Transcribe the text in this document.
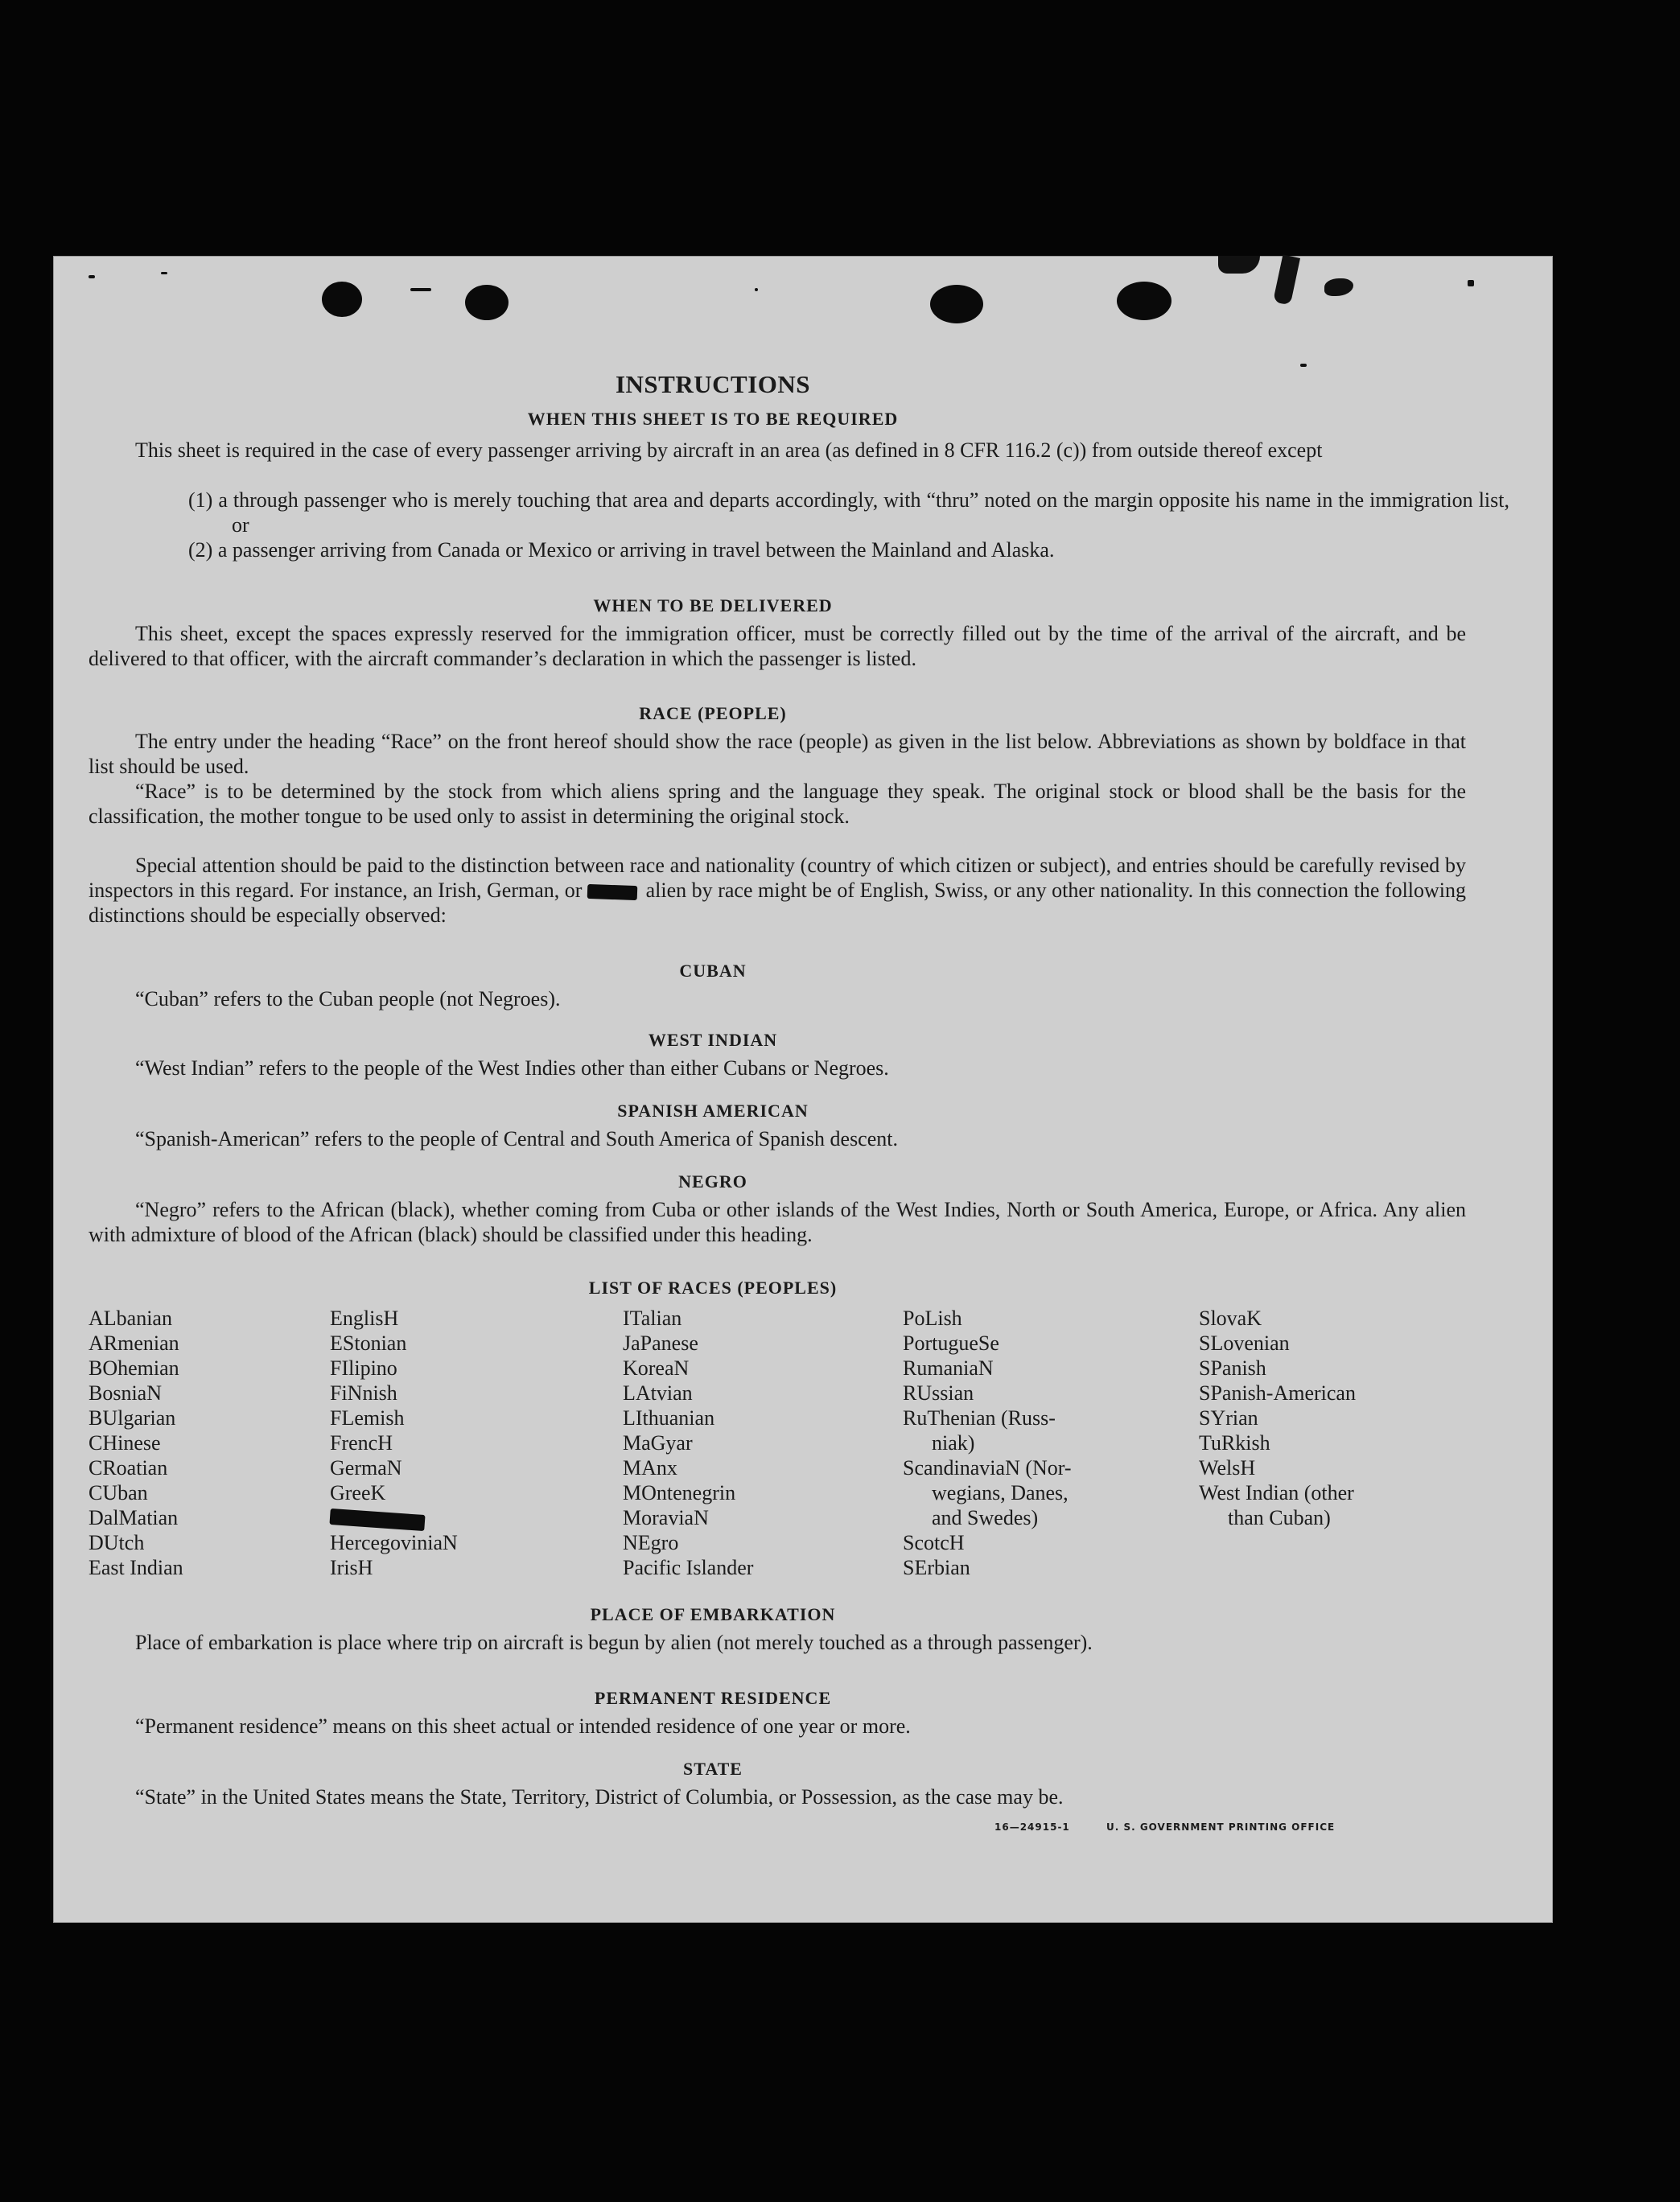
INSTRUCTIONS
WHEN THIS SHEET IS TO BE REQUIRED
This sheet is required in the case of every passenger arriving by aircraft in an area (as defined in 8 CFR 116.2 (c)) from outside thereof except
(1) a through passenger who is merely touching that area and departs accordingly, with “thru” noted on the margin opposite his name in the immigration list, or
(2) a passenger arriving from Canada or Mexico or arriving in travel between the Mainland and Alaska.
WHEN TO BE DELIVERED
This sheet, except the spaces expressly reserved for the immigration officer, must be correctly filled out by the time of the arrival of the aircraft, and be delivered to that officer, with the aircraft commander’s declaration in which the passenger is listed.
RACE (PEOPLE)
The entry under the heading “Race” on the front hereof should show the race (people) as given in the list below. Abbreviations as shown by boldface in that list should be used.
“Race” is to be determined by the stock from which aliens spring and the language they speak. The original stock or blood shall be the basis for the classification, the mother tongue to be used only to assist in determining the original stock.
Special attention should be paid to the distinction between race and nationality (country of which citizen or subject), and entries should be carefully revised by inspectors in this regard. For instance, an Irish, German, or	alien by race might be of English, Swiss, or any other nationality. In this connection the following distinctions should be especially observed:
CUBAN
“Cuban” refers to the Cuban people (not Negroes).
WEST INDIAN
“West Indian” refers to the people of the West Indies other than either Cubans or Negroes.
SPANISH AMERICAN
“Spanish-American” refers to the people of Central and South America of Spanish descent.
NEGRO
“Negro” refers to the African (black), whether coming from Cuba or other islands of the West Indies, North or South America, Europe, or Africa. Any alien with admixture of blood of the African (black) should be classified under this heading.
LIST OF RACES (PEOPLES)
ALbanian
ARmenian
BOhemian
BosniaN
BUlgarian
CHinese
CRoatian
CUban
DalMatian
DUtch
East Indian
EnglisH
EStonian
FIlipino
FiNnish
FLemish
FrencH
GermaN
GreeK
HercegoviniaN
IrisH
ITalian
JaPanese
KoreaN
LAtvian
LIthuanian
MaGyar
MAnx
MOntenegrin
MoraviaN
NEgro
Pacific Islander
PoLish
PortugueSe
RumaniaN
RUssian
RuThenian (Russ-
niak)
ScandinaviaN (Nor-
wegians, Danes,
and Swedes)
ScotcH
SErbian
SlovaK
SLovenian
SPanish
SPanish-American
SYrian
TuRkish
WelsH
West Indian (other
than Cuban)
PLACE OF EMBARKATION
Place of embarkation is place where trip on aircraft is begun by alien (not merely touched as a through passenger).
PERMANENT RESIDENCE
“Permanent residence” means on this sheet actual or intended residence of one year or more.
STATE
“State” in the United States means the State, Territory, District of Columbia, or Possession, as the case may be.
16—24915-1	U. S. GOVERNMENT PRINTING OFFICE
